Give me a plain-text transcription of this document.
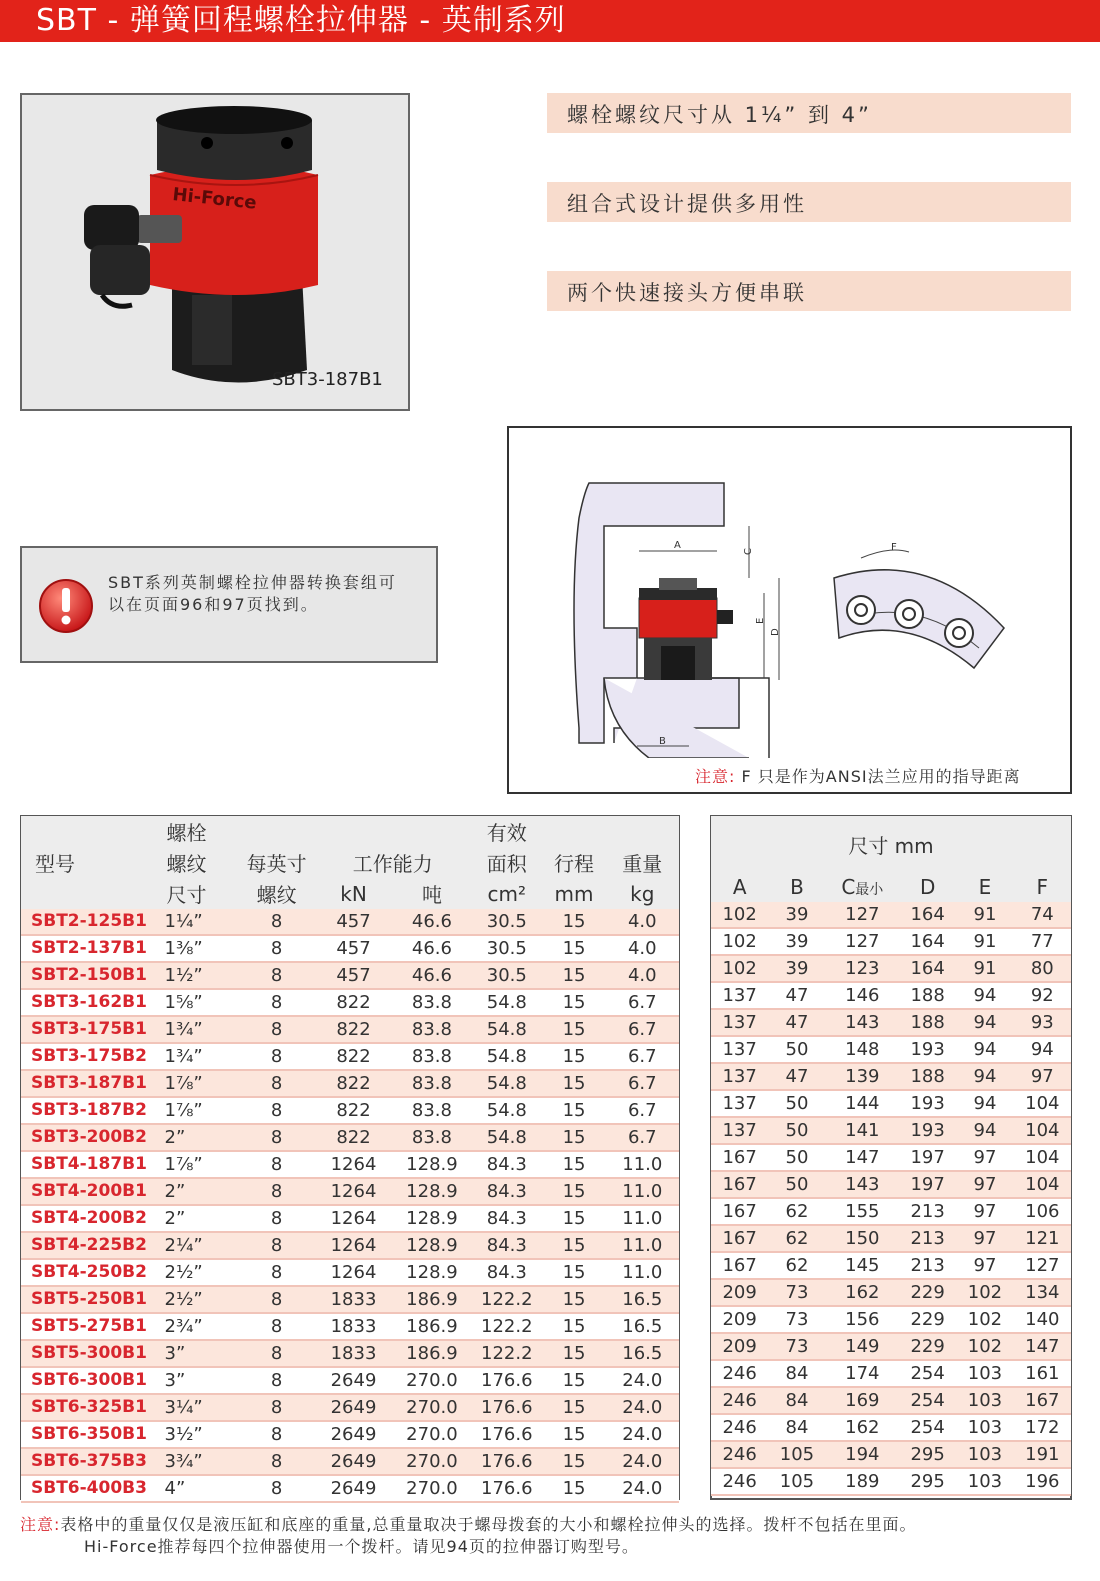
SBT - 弹簧回程螺栓拉伸器 - 英制系列
Hi-Force
SBT3-187B1
螺栓螺纹尺寸从 1¼” 到 4”
组合式设计提供多用性
两个快速接头方便串联
SBT系列英制螺栓拉伸器转换套组可以在页面96和97页找到。
A
C
E
D
B
F
注意: F 只是作为ANSI法兰应用的指导距离
型号	螺栓				有效		
	螺纹	每英寸	工作能力		面积	行程	重量
	尺寸	螺纹	kN	吨	cm²	mm	kg
SBT2-125B1	1¼”	8	457	46.6	30.5	15	4.0
SBT2-137B1	1⅜”	8	457	46.6	30.5	15	4.0
SBT2-150B1	1½”	8	457	46.6	30.5	15	4.0
SBT3-162B1	1⅝”	8	822	83.8	54.8	15	6.7
SBT3-175B1	1¾”	8	822	83.8	54.8	15	6.7
SBT3-175B2	1¾”	8	822	83.8	54.8	15	6.7
SBT3-187B1	1⅞”	8	822	83.8	54.8	15	6.7
SBT3-187B2	1⅞”	8	822	83.8	54.8	15	6.7
SBT3-200B2	2”	8	822	83.8	54.8	15	6.7
SBT4-187B1	1⅞”	8	1264	128.9	84.3	15	11.0
SBT4-200B1	2”	8	1264	128.9	84.3	15	11.0
SBT4-200B2	2”	8	1264	128.9	84.3	15	11.0
SBT4-225B2	2¼”	8	1264	128.9	84.3	15	11.0
SBT4-250B2	2½”	8	1264	128.9	84.3	15	11.0
SBT5-250B1	2½”	8	1833	186.9	122.2	15	16.5
SBT5-275B1	2¾”	8	1833	186.9	122.2	15	16.5
SBT5-300B1	3”	8	1833	186.9	122.2	15	16.5
SBT6-300B1	3”	8	2649	270.0	176.6	15	24.0
SBT6-325B1	3¼”	8	2649	270.0	176.6	15	24.0
SBT6-350B1	3½”	8	2649	270.0	176.6	15	24.0
SBT6-375B3	3¾”	8	2649	270.0	176.6	15	24.0
SBT6-400B3	4”	8	2649	270.0	176.6	15	24.0
尺寸 mm					
A	B	C最小	D	E	F
102	39	127	164	91	74
102	39	127	164	91	77
102	39	123	164	91	80
137	47	146	188	94	92
137	47	143	188	94	93
137	50	148	193	94	94
137	47	139	188	94	97
137	50	144	193	94	104
137	50	141	193	94	104
167	50	147	197	97	104
167	50	143	197	97	104
167	62	155	213	97	106
167	62	150	213	97	121
167	62	145	213	97	127
209	73	162	229	102	134
209	73	156	229	102	140
209	73	149	229	102	147
246	84	174	254	103	161
246	84	169	254	103	167
246	84	162	254	103	172
246	105	194	295	103	191
246	105	189	295	103	196
注意:表格中的重量仅仅是液压缸和底座的重量,总重量取决于螺母拨套的大小和螺栓拉伸头的选择。拨杆不包括在里面。
Hi-Force推荐每四个拉伸器使用一个拨杆。请见94页的拉伸器订购型号。
